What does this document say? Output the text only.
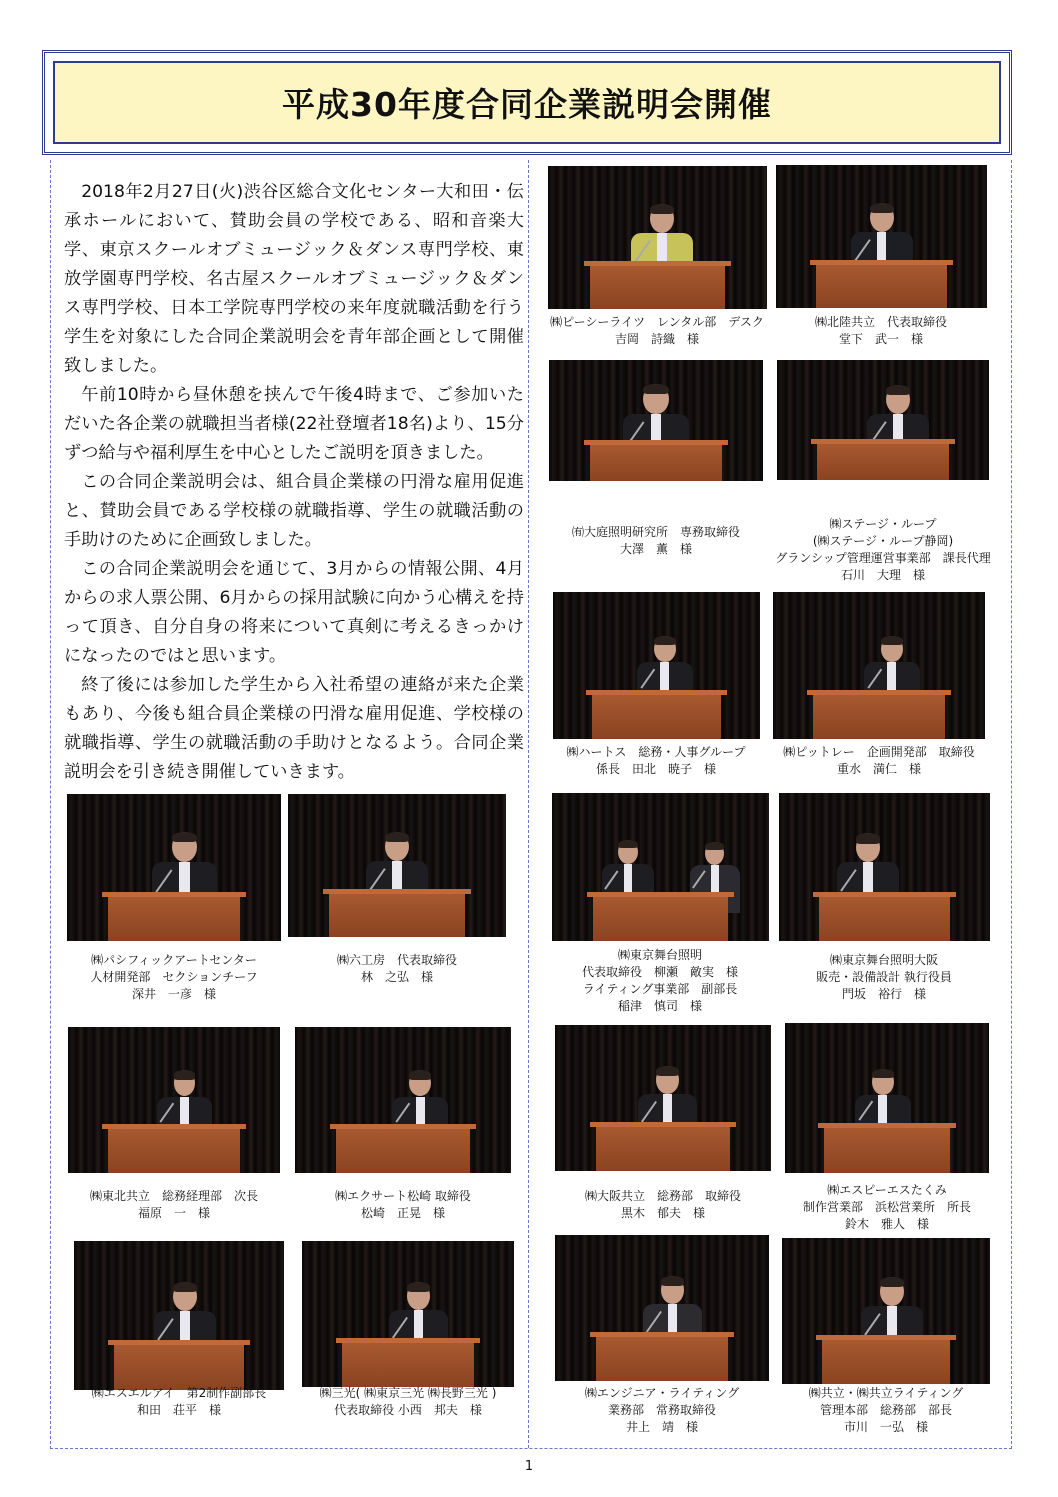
平成30年度合同企業説明会開催

2018年2月27日(火)渋谷区総合文化センター大和田・伝承ホールにおいて、賛助会員の学校である、昭和音楽大学、東京スクールオブミュージック＆ダンス専門学校、東放学園専門学校、名古屋スクールオブミュージック＆ダンス専門学校、日本工学院専門学校の来年度就職活動を行う学生を対象にした合同企業説明会を青年部企画として開催致しました。

午前10時から昼休憩を挟んで午後4時まで、ご参加いただいた各企業の就職担当者様(22社登壇者18名)より、15分ずつ給与や福利厚生を中心としたご説明を頂きました。

この合同企業説明会は、組合員企業様の円滑な雇用促進と、賛助会員である学校様の就職指導、学生の就職活動の手助けのために企画致しました。

この合同企業説明会を通じて、3月からの情報公開、4月からの求人票公開、6月からの採用試験に向かう心構えを持って頂き、自分自身の将来について真剣に考えるきっかけになったのではと思います。

終了後には参加した学生から入社希望の連絡が来た企業もあり、今後も組合員企業様の円滑な雇用促進、学校様の就職指導、学生の就職活動の手助けとなるよう。合同企業説明会を引き続き開催していきます。

㈱ピーシーライツ　レンタル部　デスク
吉岡　詩織　様
㈱北陸共立　代表取締役
堂下　武一　様
㈲大庭照明研究所　専務取締役
大澤　薫　様
㈱ステージ・ループ
(㈱ステージ・ループ静岡)
グランシップ管理運営事業部　課長代理
石川　大理　様
㈱ハートス　総務・人事グループ
係長　田北　暁子　様
㈱ピットレー　企画開発部　取締役
重水　満仁　様
㈱パシフィックアートセンター
人材開発部　セクションチーフ
深井　一彦　様
㈱六工房　代表取締役
林　之弘　様
㈱東京舞台照明
代表取締役　柳瀬　敵実　様
ライティング事業部　副部長
稲津　慎司　様
㈱東京舞台照明大阪
販売・設備設計 執行役員
門坂　裕行　様
㈱東北共立　総務経理部　次長
福原　一　様
㈱エクサート松崎 取締役
松崎　正晃　様
㈱大阪共立　総務部　取締役
黒木　郁夫　様
㈱エスピーエスたくみ
制作営業部　浜松営業所　所長
鈴木　雅人　様
㈱エスエルアイ　第2制作副部長
和田　荘平　様
㈱三光( ㈱東京三光 ㈱長野三光 )
代表取締役 小西　邦夫　様
㈱エンジニア・ライティング
業務部　常務取締役
井上　靖　様
㈱共立・㈱共立ライティング
管理本部　総務部　部長
市川　一弘　様
1
